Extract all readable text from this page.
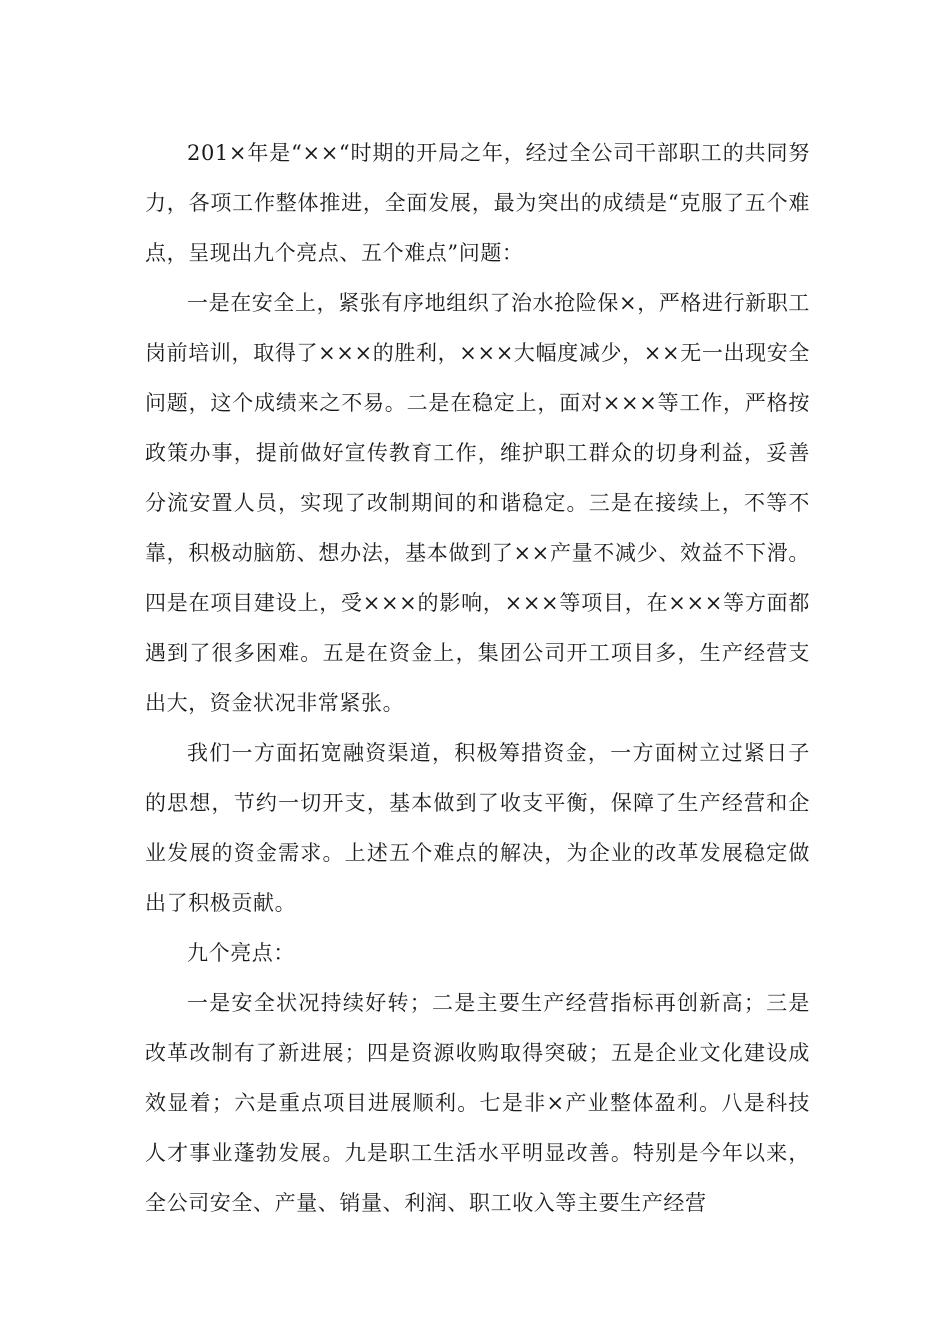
201×年是“××“时期的开局之年，经过全公司干部职工的共同努力，各项工作整体推进，全面发展，最为突出的成绩是“克服了五个难点，呈现出九个亮点、五个难点”问题：

一是在安全上，紧张有序地组织了治水抢险保×，严格进行新职工岗前培训，取得了×××的胜利，×××大幅度减少，××无一出现安全问题，这个成绩来之不易。二是在稳定上，面对×××等工作，严格按政策办事，提前做好宣传教育工作，维护职工群众的切身利益，妥善分流安置人员，实现了改制期间的和谐稳定。三是在接续上，不等不靠，积极动脑筋、想办法，基本做到了××产量不减少、效益不下滑。四是在项目建设上，受×××的影响，×××等项目，在×××等方面都遇到了很多困难。五是在资金上，集团公司开工项目多，生产经营支出大，资金状况非常紧张。

我们一方面拓宽融资渠道，积极筹措资金，一方面树立过紧日子的思想，节约一切开支，基本做到了收支平衡，保障了生产经营和企业发展的资金需求。上述五个难点的解决，为企业的改革发展稳定做出了积极贡献。

九个亮点：

一是安全状况持续好转；二是主要生产经营指标再创新高；三是改革改制有了新进展；四是资源收购取得突破；五是企业文化建设成效显着；六是重点项目进展顺利。七是非×产业整体盈利。八是科技人才事业蓬勃发展。九是职工生活水平明显改善。特别是今年以来，全公司安全、产量、销量、利润、职工收入等主要生产经营
